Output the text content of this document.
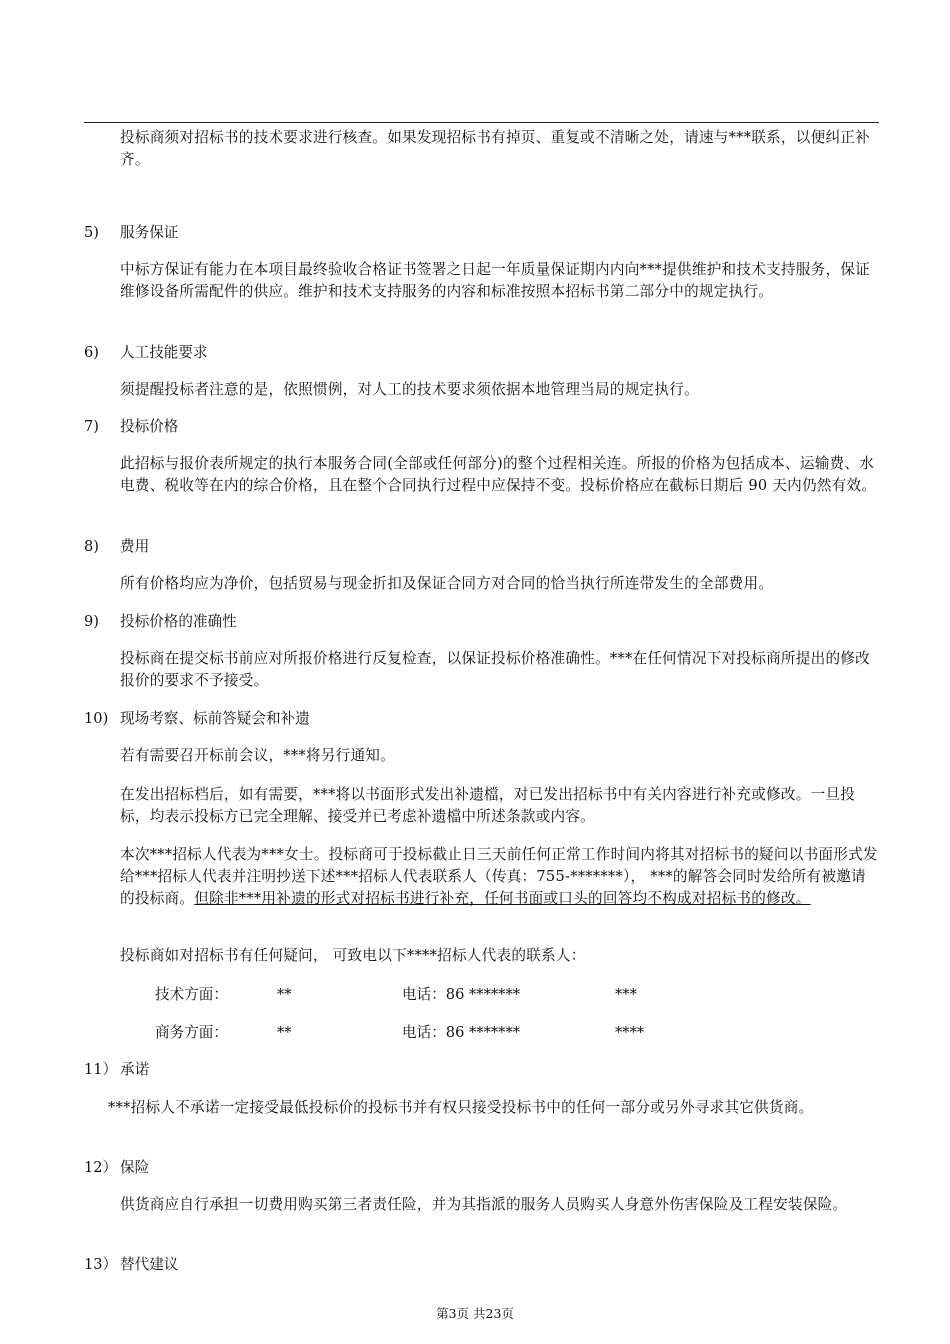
投标商须对招标书的技术要求进行核查。如果发现招标书有掉页、重复或不清晰之处，请速与***联系，以便纠正补齐。

5) 服务保证

中标方保证有能力在本项目最终验收合格证书签署之日起一年质量保证期内内向***提供维护和技术支持服务，保证维修设备所需配件的供应。维护和技术支持服务的内容和标准按照本招标书第二部分中的规定执行。

6) 人工技能要求

须提醒投标者注意的是，依照惯例，对人工的技术要求须依据本地管理当局的规定执行。

7) 投标价格

此招标与报价表所规定的执行本服务合同(全部或任何部分)的整个过程相关连。所报的价格为包括成本、运输费、水电费、税收等在内的综合价格，且在整个合同执行过程中应保持不变。投标价格应在截标日期后 90 天内仍然有效。

8) 费用

所有价格均应为净价，包括贸易与现金折扣及保证合同方对合同的恰当执行所连带发生的全部费用。

9) 投标价格的准确性

投标商在提交标书前应对所报价格进行反复检查，以保证投标价格准确性。***在任何情况下对投标商所提出的修改报价的要求不予接受。

10) 现场考察、标前答疑会和补遗

若有需要召开标前会议，***将另行通知。

在发出招标档后，如有需要，***将以书面形式发出补遗檔，对已发出招标书中有关内容进行补充或修改。一旦投标，均表示投标方已完全理解、接受并已考虑补遗檔中所述条款或内容。

本次***招标人代表为***女士。投标商可于投标截止日三天前任何正常工作时间内将其对招标书的疑问以书面形式发给***招标人代表并注明抄送下述***招标人代表联系人（传真：755-*******）， ***的解答会同时发给所有被邀请的投标商。但除非***用补遗的形式对招标书进行补充，任何书面或口头的回答均不构成对招标书的修改。

投标商如对招标书有任何疑问， 可致电以下****招标人代表的联系人：

技术方面：	**	电话：86 *******	***
商务方面：	**	电话：86 *******	****
11） 承诺

***招标人不承诺一定接受最低投标价的投标书并有权只接受投标书中的任何一部分或另外寻求其它供货商。

12） 保险

供货商应自行承担一切费用购买第三者责任险，并为其指派的服务人员购买人身意外伤害保险及工程安装保险。

13） 替代建议
第3页 共23页
